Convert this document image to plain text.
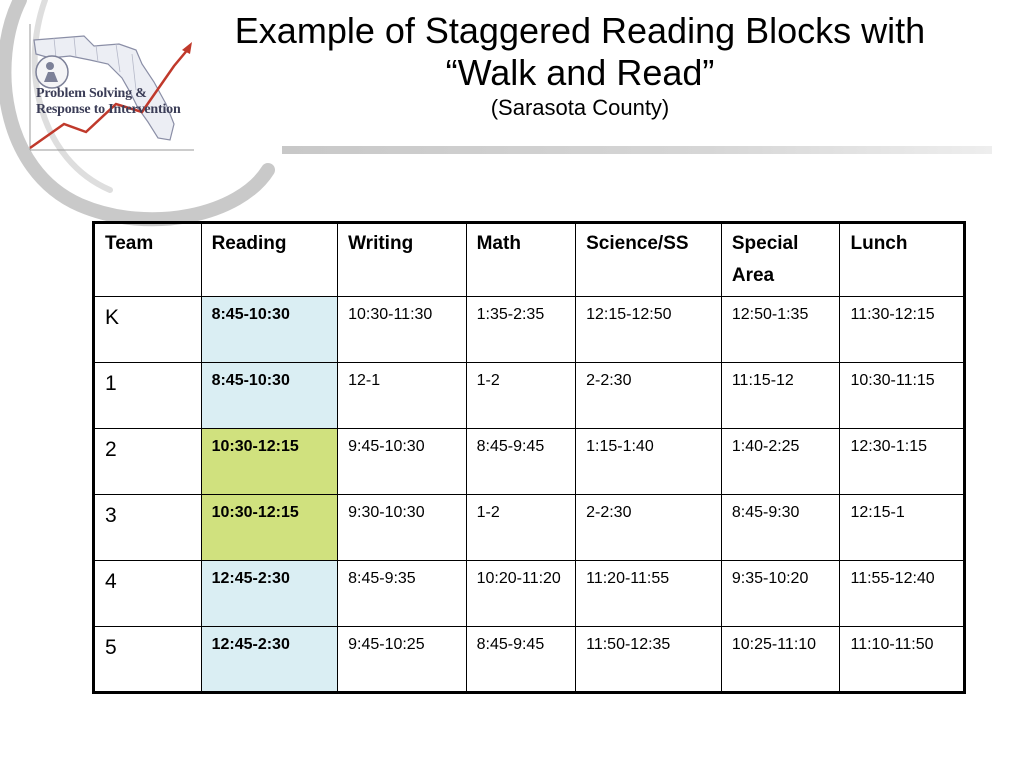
Problem Solving &
Response to Intervention
Example of Staggered Reading Blocks with
“Walk and Read”
(Sarasota County)
Team	Reading	Writing	Math	Science/SS	Special
Area	Lunch
K	8:45-10:30	10:30-11:30	1:35-2:35	12:15-12:50	12:50-1:35	11:30-12:15
1	8:45-10:30	12-1	1-2	2-2:30	11:15-12	10:30-11:15
2	10:30-12:15	9:45-10:30	8:45-9:45	1:15-1:40	1:40-2:25	12:30-1:15
3	10:30-12:15	9:30-10:30	1-2	2-2:30	8:45-9:30	12:15-1
4	12:45-2:30	8:45-9:35	10:20-11:20	11:20-11:55	9:35-10:20	11:55-12:40
5	12:45-2:30	9:45-10:25	8:45-9:45	11:50-12:35	10:25-11:10	11:10-11:50
